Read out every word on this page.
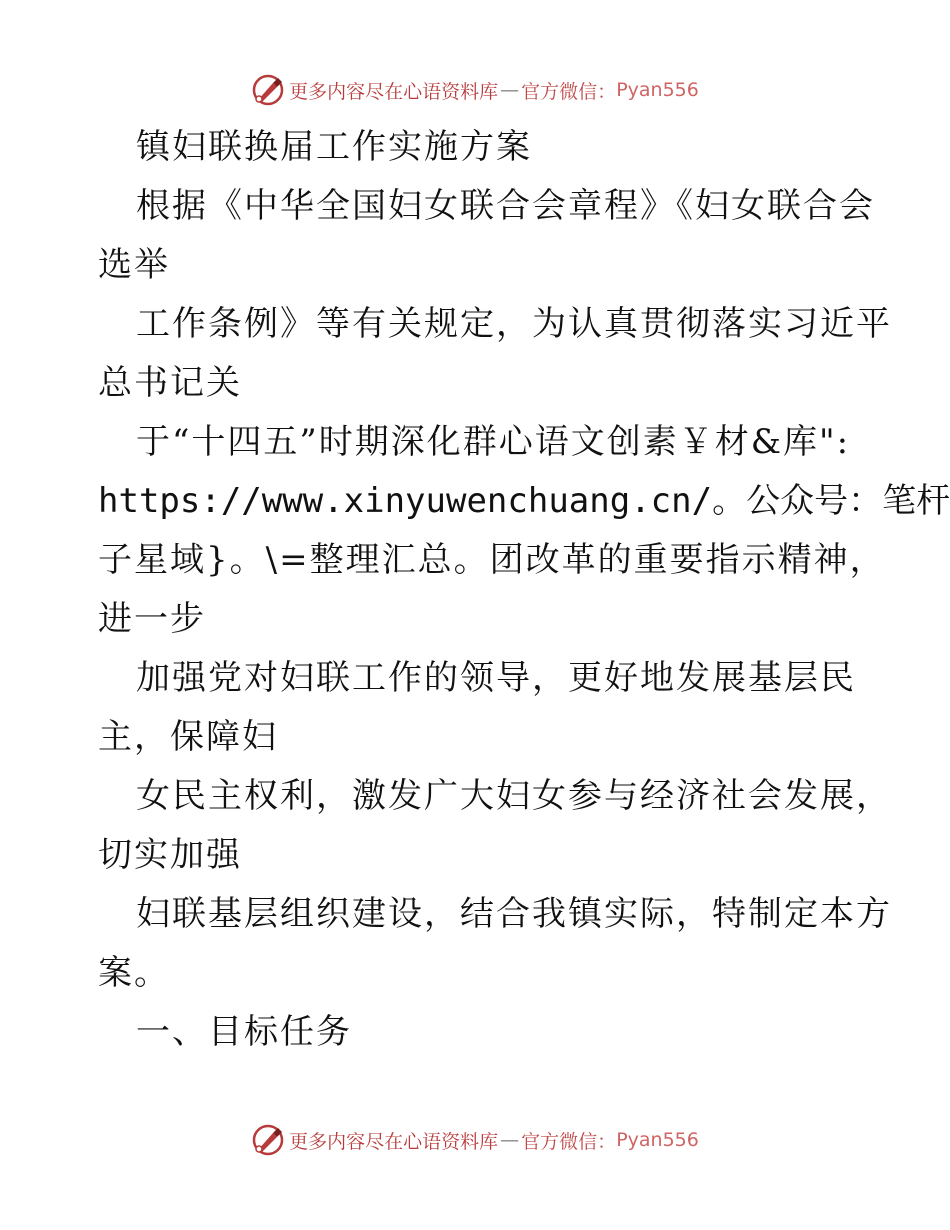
更多内容尽在心语资料库 — 官方微信： Pyan556
镇妇联换届工作实施方案
根据《中华全国妇女联合会章程》《妇女联合会
选举
工作条例》等有关规定，为认真贯彻落实习近平
总书记关
于“十四五”时期深化群心语文创素￥材&库":
https://www.xinyuwenchuang.cn/。公众号：笔杆
子星域}。\=整理汇总。团改革的重要指示精神，
进一步
加强党对妇联工作的领导，更好地发展基层民
主，保障妇
女民主权利，激发广大妇女参与经济社会发展，
切实加强
妇联基层组织建设，结合我镇实际，特制定本方
案。
一、目标任务
更多内容尽在心语资料库 — 官方微信： Pyan556
